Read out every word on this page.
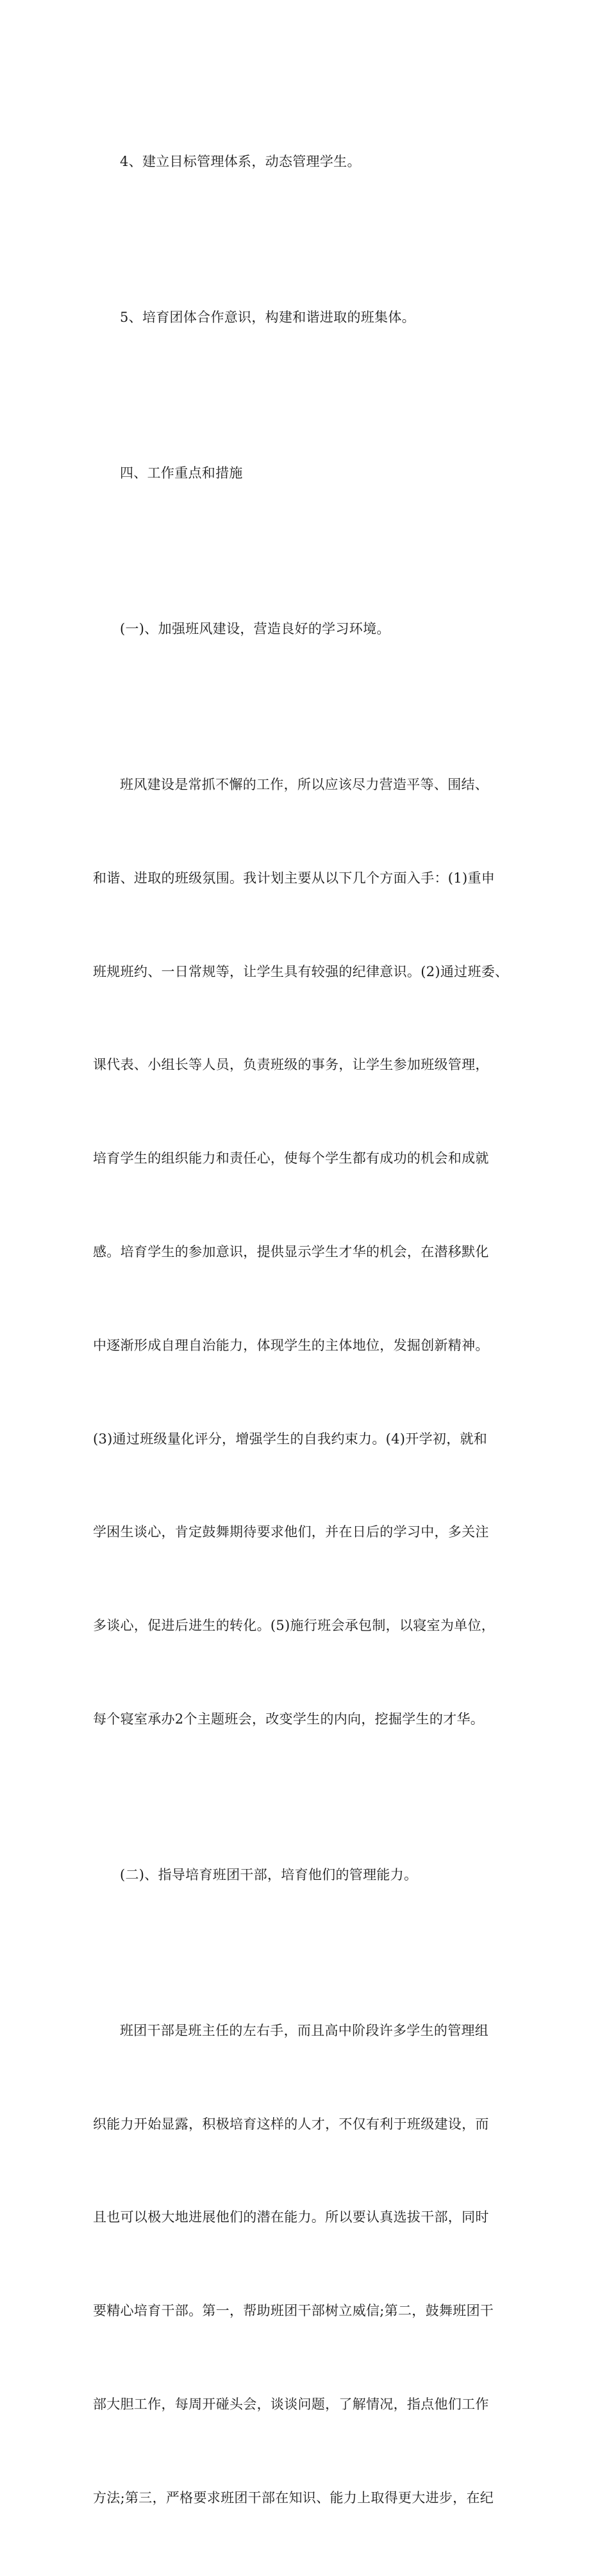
4、建立目标管理体系，动态管理学生。

5、培育团体合作意识，构建和谐进取的班集体。

四、工作重点和措施

(一)、加强班风建设，营造良好的学习环境。

班风建设是常抓不懈的工作，所以应该尽力营造平等、围结、

和谐、进取的班级氛围。我计划主要从以下几个方面入手：(1)重申

班规班约、一日常规等，让学生具有较强的纪律意识。(2)通过班委、

课代表、小组长等人员，负责班级的事务，让学生参加班级管理，

培育学生的组织能力和责任心，使每个学生都有成功的机会和成就

感。培育学生的参加意识，提供显示学生才华的机会，在潜移默化

中逐渐形成自理自治能力，体现学生的主体地位，发掘创新精神。

(3)通过班级量化评分，增强学生的自我约束力。(4)开学初，就和

学困生谈心，肯定鼓舞期待要求他们，并在日后的学习中，多关注

多谈心，促进后进生的转化。(5)施行班会承包制，以寝室为单位，

每个寝室承办2个主题班会，改变学生的内向，挖掘学生的才华。

(二)、指导培育班团干部，培育他们的管理能力。

班团干部是班主任的左右手，而且高中阶段许多学生的管理组

织能力开始显露，积极培育这样的人才，不仅有利于班级建设，而

且也可以极大地进展他们的潜在能力。所以要认真选拔干部，同时

要精心培育干部。第一，帮助班团干部树立威信;第二，鼓舞班团干

部大胆工作，每周开碰头会，谈谈问题，了解情况，指点他们工作

方法;第三，严格要求班团干部在知识、能力上取得更大进步，在纪
